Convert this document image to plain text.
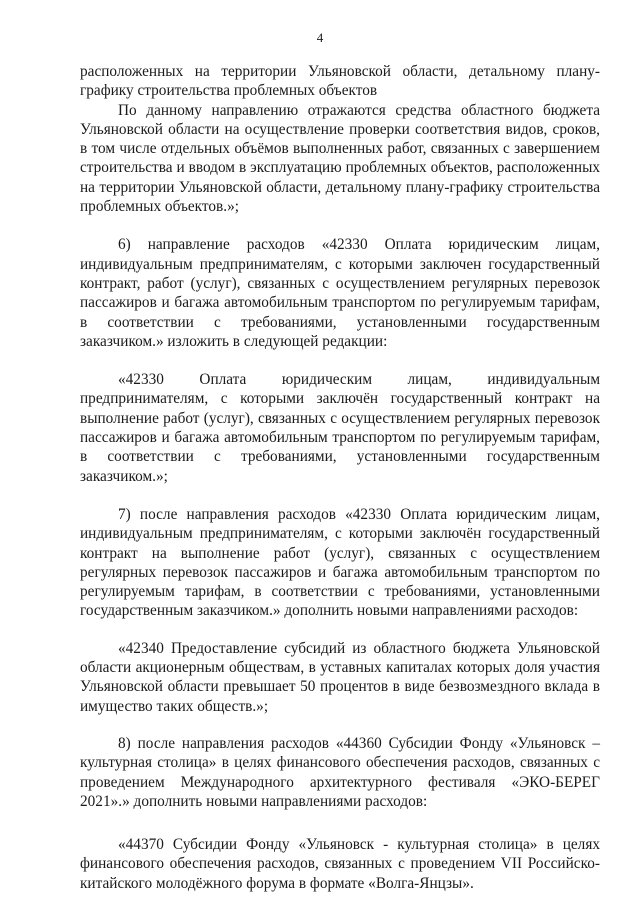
4

расположенных на территории Ульяновской области, детальному плану-графику строительства проблемных объектов

По данному направлению отражаются средства областного бюджета Ульяновской области на осуществление проверки соответствия видов, сроков, в том числе отдельных объёмов выполненных работ, связанных с завершением строительства и вводом в эксплуатацию проблемных объектов, расположенных на территории Ульяновской области, детальному плану-графику строительства проблемных объектов.»;

6) направление расходов «42330 Оплата юридическим лицам, индивидуальным предпринимателям, с которыми заключен государственный контракт, работ (услуг), связанных с осуществлением регулярных перевозок пассажиров и багажа автомобильным транспортом по регулируемым тарифам, в соответствии с требованиями, установленными государственным заказчиком.» изложить в следующей редакции:

«42330 Оплата юридическим лицам, индивидуальным предпринимателям, с которыми заключён государственный контракт на выполнение работ (услуг), связанных с осуществлением регулярных перевозок пассажиров и багажа автомобильным транспортом по регулируемым тарифам, в соответствии с требованиями, установленными государственным заказчиком.»;

7) после направления расходов «42330 Оплата юридическим лицам, индивидуальным предпринимателям, с которыми заключён государственный контракт на выполнение работ (услуг), связанных с осуществлением регулярных перевозок пассажиров и багажа автомобильным транспортом по регулируемым тарифам, в соответствии с требованиями, установленными государственным заказчиком.» дополнить новыми направлениями расходов:

«42340 Предоставление субсидий из областного бюджета Ульяновской области акционерным обществам, в уставных капиталах которых доля участия Ульяновской области превышает 50 процентов в виде безвозмездного вклада в имущество таких обществ.»;

8) после направления расходов «44360 Субсидии Фонду «Ульяновск – культурная столица» в целях финансового обеспечения расходов, связанных с проведением Международного архитектурного фестиваля «ЭКО-БЕРЕГ 2021».» дополнить новыми направлениями расходов:

«44370 Субсидии Фонду «Ульяновск - культурная столица» в целях финансового обеспечения расходов, связанных с проведением VII Российско-китайского молодёжного форума в формате «Волга-Янцзы».
